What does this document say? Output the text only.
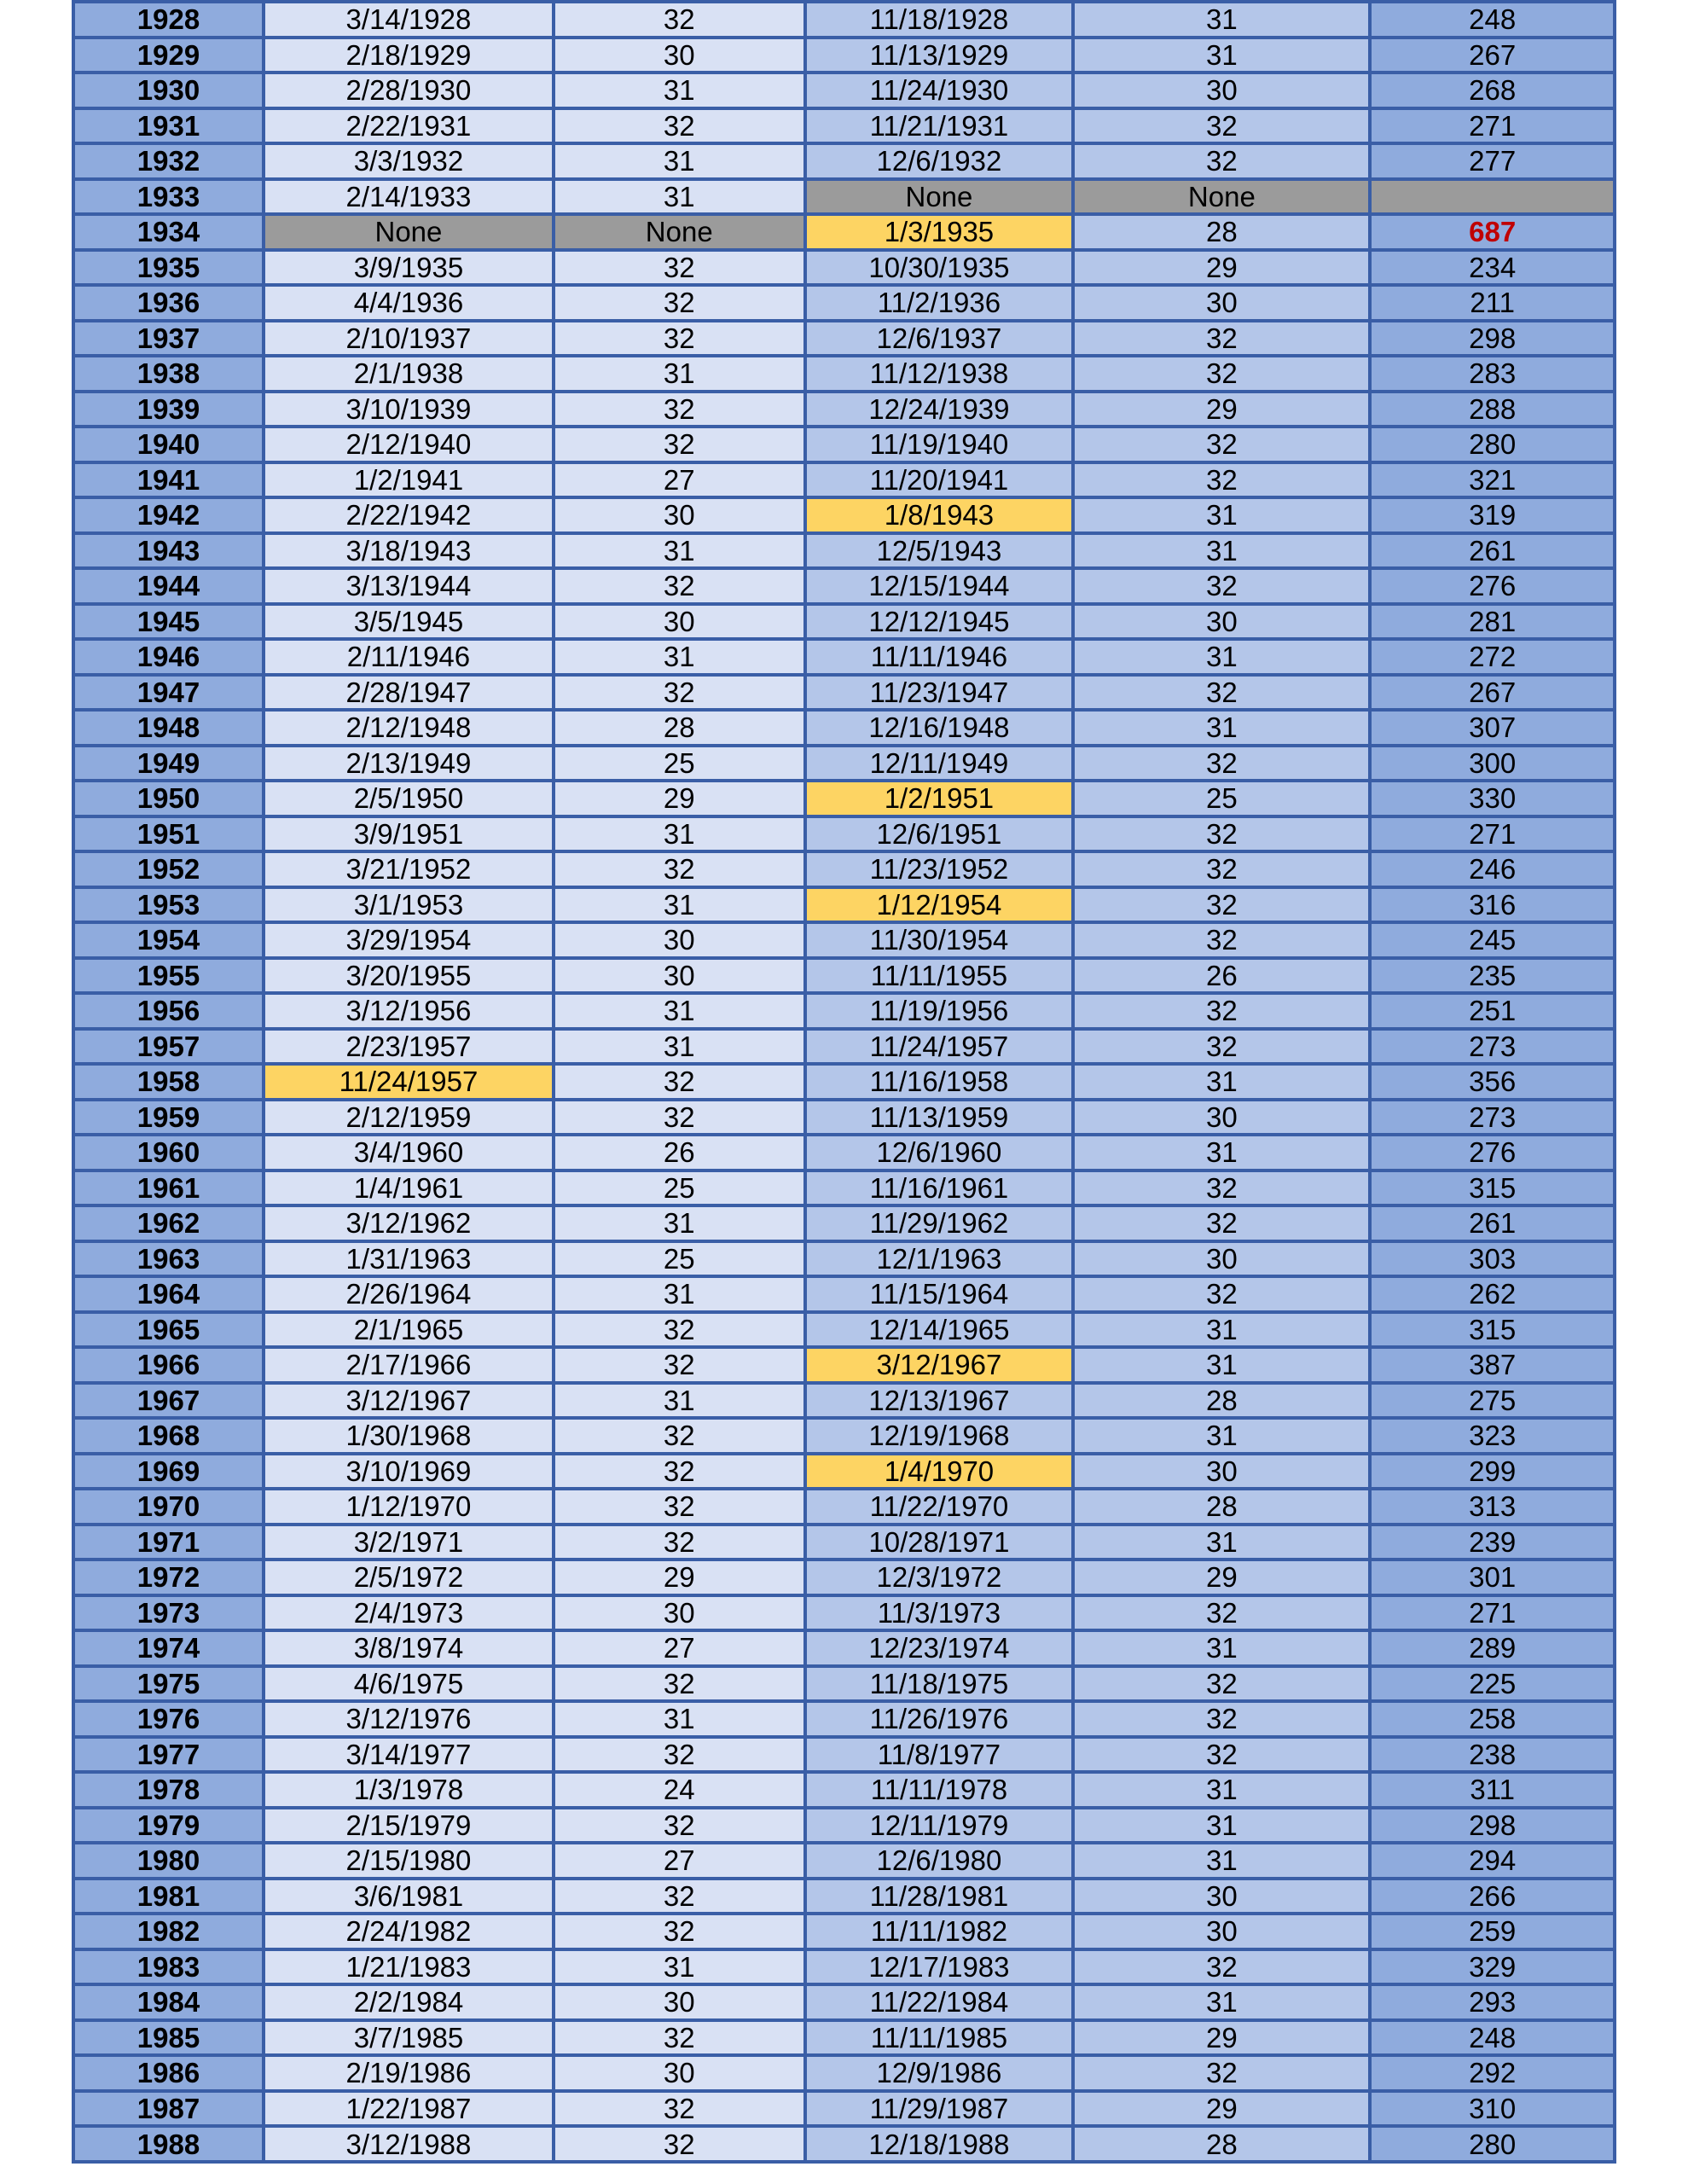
1928	3/14/1928	32	11/18/1928	31	248
1929	2/18/1929	30	11/13/1929	31	267
1930	2/28/1930	31	11/24/1930	30	268
1931	2/22/1931	32	11/21/1931	32	271
1932	3/3/1932	31	12/6/1932	32	277
1933	2/14/1933	31	None	None	
1934	None	None	1/3/1935	28	687
1935	3/9/1935	32	10/30/1935	29	234
1936	4/4/1936	32	11/2/1936	30	211
1937	2/10/1937	32	12/6/1937	32	298
1938	2/1/1938	31	11/12/1938	32	283
1939	3/10/1939	32	12/24/1939	29	288
1940	2/12/1940	32	11/19/1940	32	280
1941	1/2/1941	27	11/20/1941	32	321
1942	2/22/1942	30	1/8/1943	31	319
1943	3/18/1943	31	12/5/1943	31	261
1944	3/13/1944	32	12/15/1944	32	276
1945	3/5/1945	30	12/12/1945	30	281
1946	2/11/1946	31	11/11/1946	31	272
1947	2/28/1947	32	11/23/1947	32	267
1948	2/12/1948	28	12/16/1948	31	307
1949	2/13/1949	25	12/11/1949	32	300
1950	2/5/1950	29	1/2/1951	25	330
1951	3/9/1951	31	12/6/1951	32	271
1952	3/21/1952	32	11/23/1952	32	246
1953	3/1/1953	31	1/12/1954	32	316
1954	3/29/1954	30	11/30/1954	32	245
1955	3/20/1955	30	11/11/1955	26	235
1956	3/12/1956	31	11/19/1956	32	251
1957	2/23/1957	31	11/24/1957	32	273
1958	11/24/1957	32	11/16/1958	31	356
1959	2/12/1959	32	11/13/1959	30	273
1960	3/4/1960	26	12/6/1960	31	276
1961	1/4/1961	25	11/16/1961	32	315
1962	3/12/1962	31	11/29/1962	32	261
1963	1/31/1963	25	12/1/1963	30	303
1964	2/26/1964	31	11/15/1964	32	262
1965	2/1/1965	32	12/14/1965	31	315
1966	2/17/1966	32	3/12/1967	31	387
1967	3/12/1967	31	12/13/1967	28	275
1968	1/30/1968	32	12/19/1968	31	323
1969	3/10/1969	32	1/4/1970	30	299
1970	1/12/1970	32	11/22/1970	28	313
1971	3/2/1971	32	10/28/1971	31	239
1972	2/5/1972	29	12/3/1972	29	301
1973	2/4/1973	30	11/3/1973	32	271
1974	3/8/1974	27	12/23/1974	31	289
1975	4/6/1975	32	11/18/1975	32	225
1976	3/12/1976	31	11/26/1976	32	258
1977	3/14/1977	32	11/8/1977	32	238
1978	1/3/1978	24	11/11/1978	31	311
1979	2/15/1979	32	12/11/1979	31	298
1980	2/15/1980	27	12/6/1980	31	294
1981	3/6/1981	32	11/28/1981	30	266
1982	2/24/1982	32	11/11/1982	30	259
1983	1/21/1983	31	12/17/1983	32	329
1984	2/2/1984	30	11/22/1984	31	293
1985	3/7/1985	32	11/11/1985	29	248
1986	2/19/1986	30	12/9/1986	32	292
1987	1/22/1987	32	11/29/1987	29	310
1988	3/12/1988	32	12/18/1988	28	280
